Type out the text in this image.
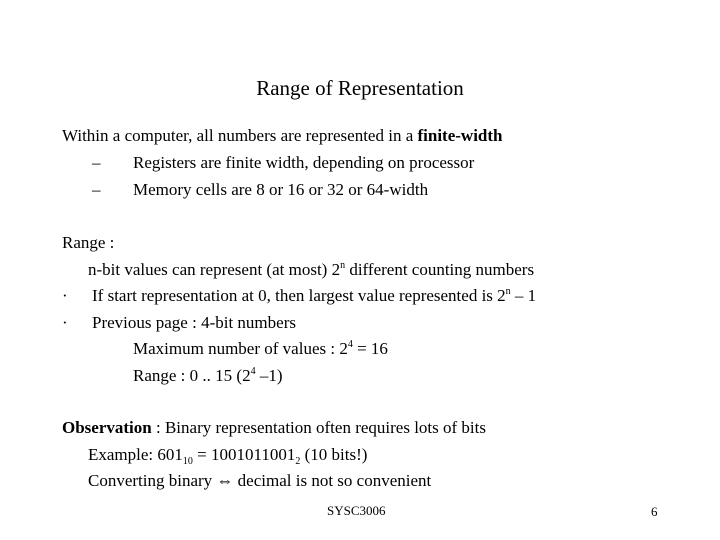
Range of Representation
Within a computer, all numbers are represented in a finite-width
– Registers are finite width, depending on processor
– Memory cells are 8 or 16 or 32 or 64-width
Range :
n-bit values can represent (at most) 2$^n$ different counting numbers
· If start representation at 0, then largest value represented is 2$^n$ – 1
· Previous page : 4-bit numbers
Maximum number of values : $2^4 = 16$
Range : 0 .. 15 ($2^4$ –1)
Observation : Binary representation often requires lots of bits
Example: $601_{10} = 1001011001_2$ (10 bits!)
Converting binary ⇔ decimal is not so convenient
SYSC3006	6
